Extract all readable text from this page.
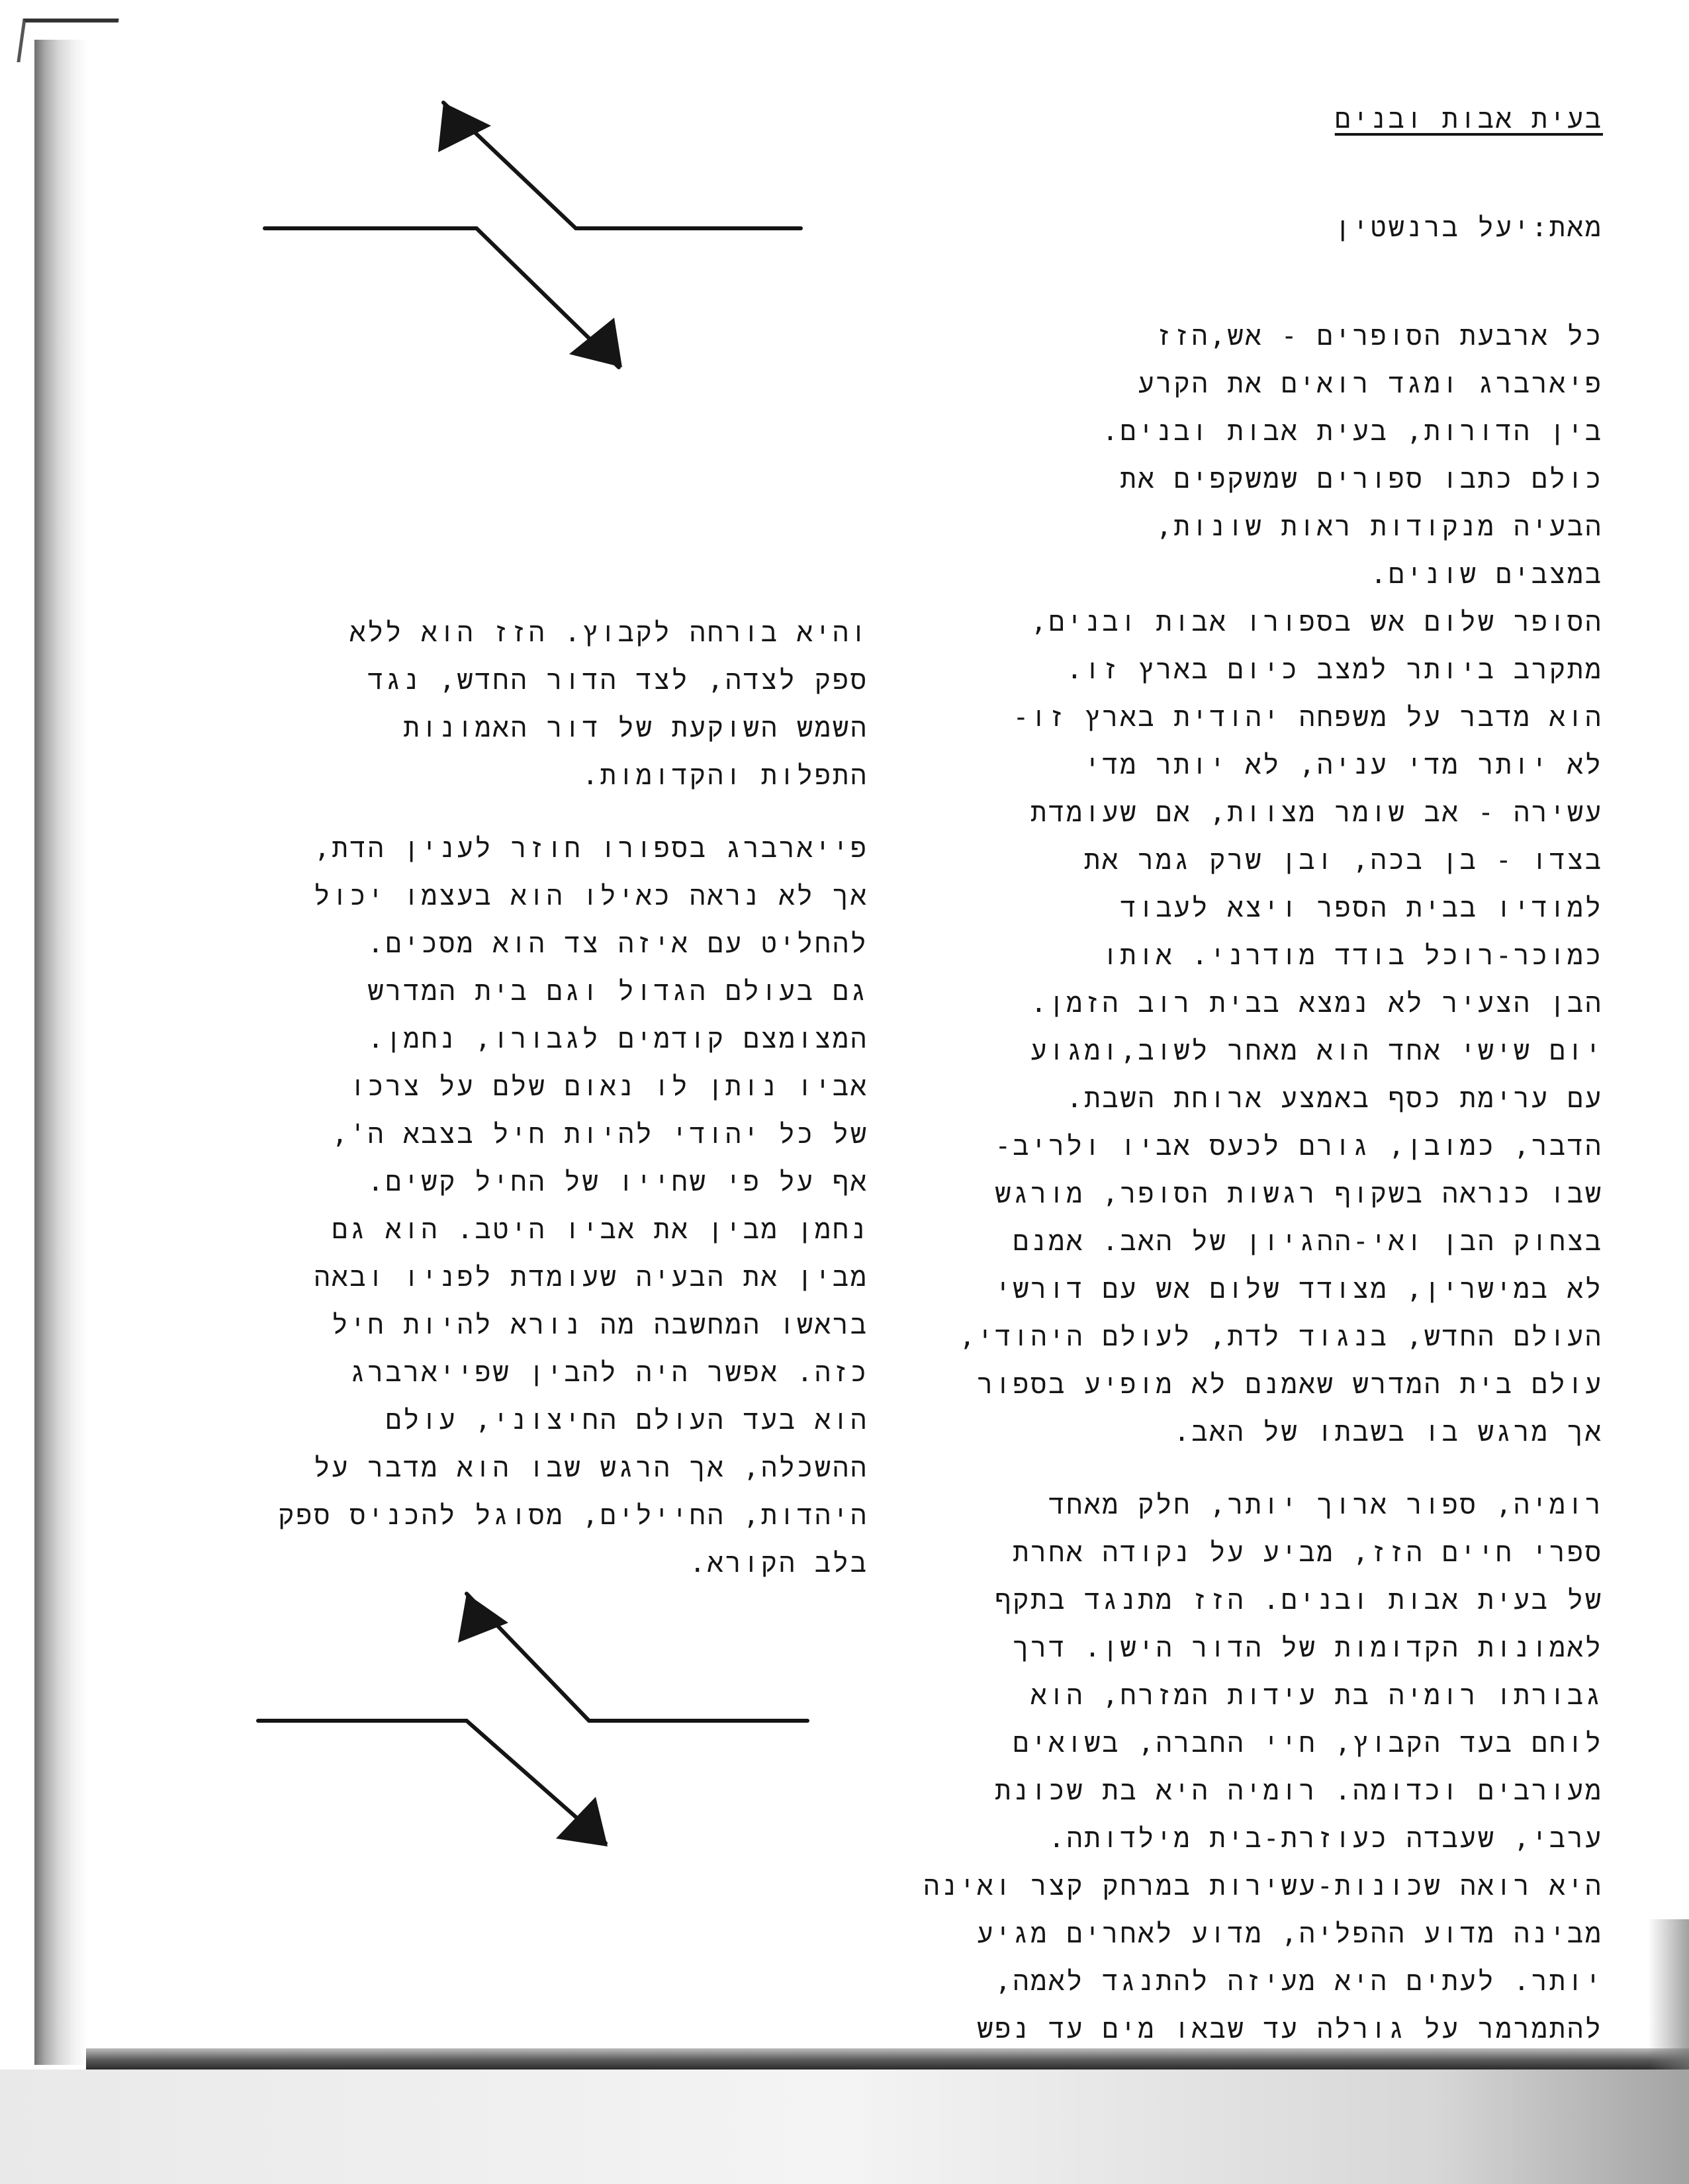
בעית אבות ובנים

מאת:יעל ברנשטין

כל ארבעת הסופרים - אש,הזז
פיארברג ומגד רואים את הקרע
בין הדורות, בעית אבות ובנים.
כולם כתבו ספורים שמשקפים את
הבעיה מנקודות ראות שונות,
במצבים שונים.
הסופר שלום אש בספורו אבות ובנים,
מתקרב ביותר למצב כיום בארץ זו.
הוא מדבר על משפחה יהודית בארץ זו-
לא יותר מדי עניה, לא יותר מדי
עשירה - אב שומר מצוות, אם שעומדת
בצדו - בן בכה, ובן שרק גמר את
למודיו בבית הספר ויצא לעבוד
כמוכר-רוכל בודד מודרני. אותו
הבן הצעיר לא נמצא בבית רוב הזמן.
יום שישי אחד הוא מאחר לשוב,ומגוע
עם ערימת כסף באמצע ארוחת השבת.
הדבר, כמובן, גורם לכעס אביו ולריב-
שבו כנראה בשקוף רגשות הסופר, מורגש
בצחוק הבן ואי-ההגיון של האב. אמנם
לא במישרין, מצודד שלום אש עם דורשי
העולם החדש, בנגוד לדת, לעולם היהודי,
עולם בית המדרש שאמנם לא מופיע בספור
אך מרגש בו בשבתו של האב.
רומיה, ספור ארוך יותר, חלק מאחד
ספרי חיים הזז, מביע על נקודה אחרת
של בעית אבות ובנים. הזז מתנגד בתקף
לאמונות הקדומות של הדור הישן. דרך
גבורתו רומיה בת עידות המזרח, הוא
לוחם בעד הקבוץ, חיי החברה, בשואים
מעורבים וכדומה. רומיה היא בת שכונת
ערבי, שעבדה כעוזרת-בית מילדותה.
היא רואה שכונות-עשירות במרחק קצר ואינה
מבינה מדוע ההפליה, מדוע לאחרים מגיע
יותר. לעתים היא מעיזה להתנגד לאמה,
להתמרמר על גורלה עד שבאו מים עד נפש

והיא בורחה לקבוץ. הזז הוא ללא
ספק לצדה, לצד הדור החדש, נגד
השמש השוקעת של דור האמונות
התפלות והקדומות.
פייארברג בספורו חוזר לענין הדת,
אך לא נראה כאילו הוא בעצמו יכול
להחליט עם איזה צד הוא מסכים.
גם בעולם הגדול וגם בית המדרש
המצומצם קודמים לגבורו, נחמן.
אביו נותן לו נאום שלם על צרכו
של כל יהודי להיות חיל בצבא ה',
אף על פי שחייו של החיל קשים.
נחמן מבין את אביו היטב. הוא גם
מבין את הבעיה שעומדת לפניו ובאה
בראשו המחשבה מה נורא להיות חיל
כזה. אפשר היה להבין שפייארברג
הוא בעד העולם החיצוני, עולם
ההשכלה, אך הרגש שבו הוא מדבר על
היהדות, החיילים, מסוגל להכניס ספק
בלב הקורא.
